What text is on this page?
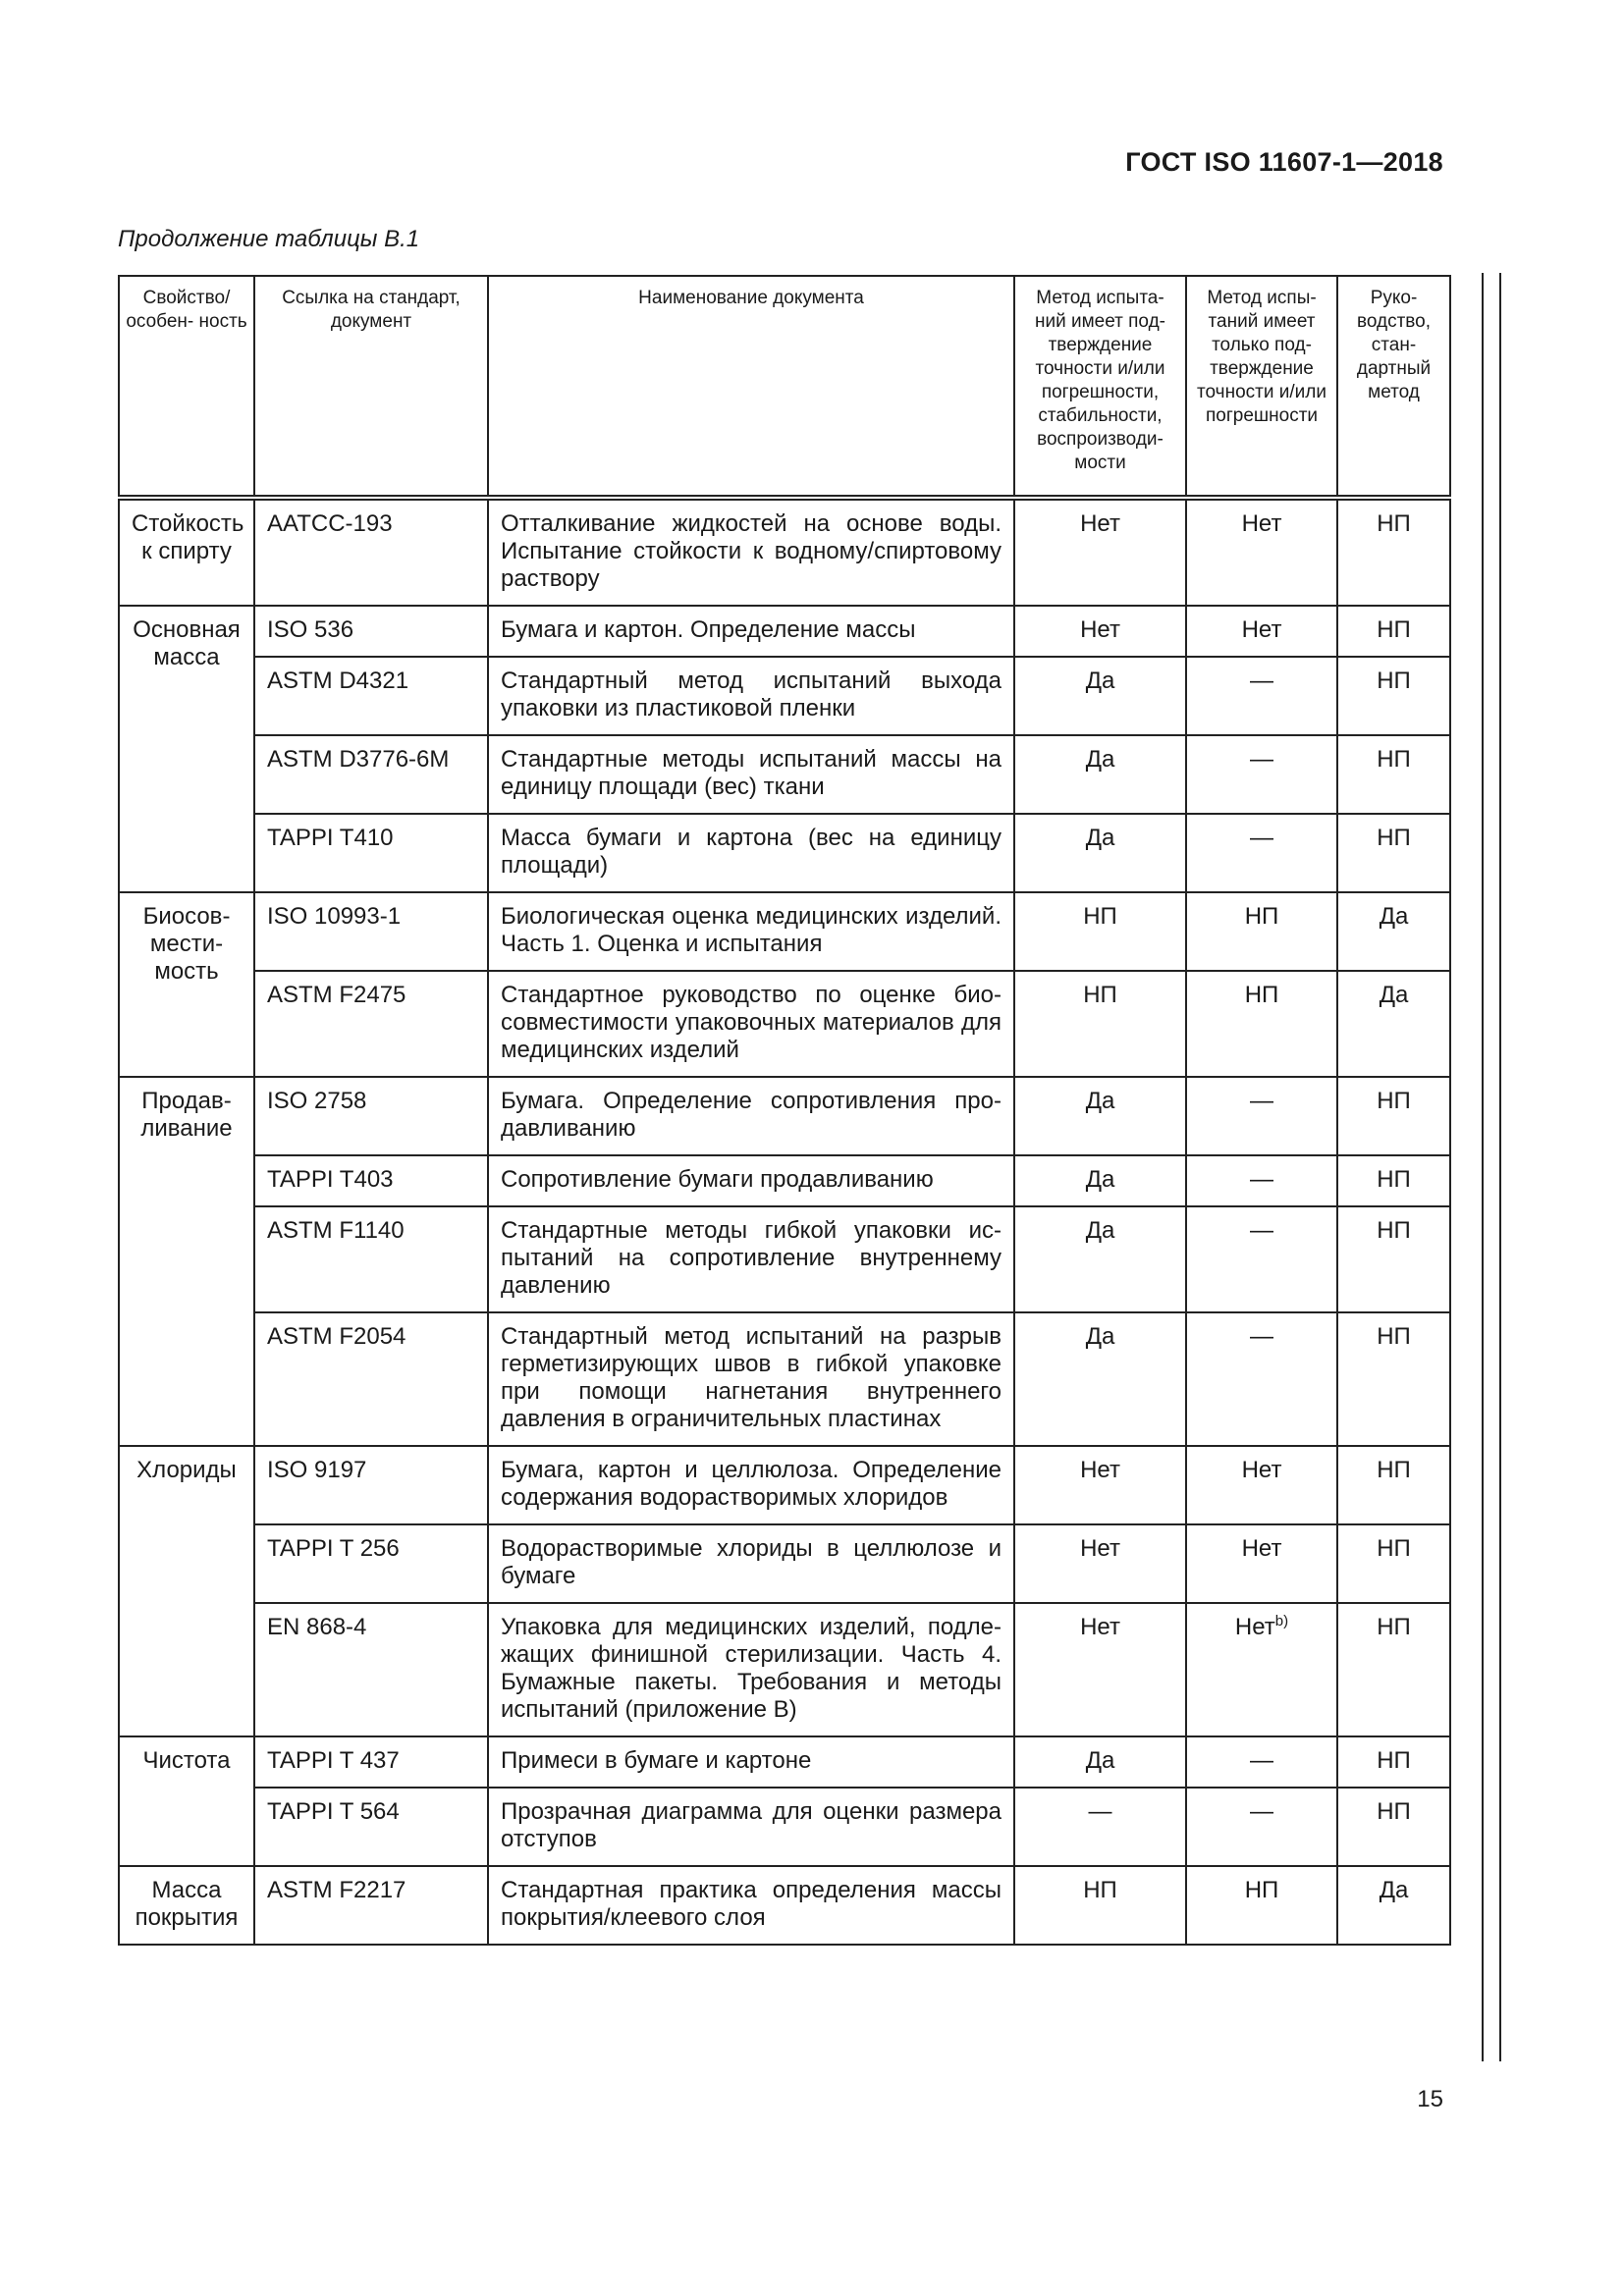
ГОСТ ISO 11607-1—2018
Продолжение таблицы В.1
Свойство/ особен- ность	Ссылка на стандарт, документ	Наименование документа	Метод испыта- ний имеет под- тверждение точности и/или погрешности, стабильности, воспроизводи- мости	Метод испы- таний имеет только под- тверждение точности и/или погрешности	Руко- водство, стан- дартный метод
Стойкость к спирту	AATCC-193	Отталкивание жидкостей на основе воды. Испытание стойкости к водному/спиртовому раствору	Нет	Нет	НП
Основная масса	ISO 536	Бумага и картон. Определение массы	Нет	Нет	НП
	ASTM D4321	Стандартный метод испытаний выхода упаковки из пластиковой пленки	Да	—	НП
	ASTM D3776-6M	Стандартные методы испытаний массы на единицу площади (вес) ткани	Да	—	НП
	TAPPI T410	Масса бумаги и картона (вес на единицу площади)	Да	—	НП
Биосовместимость	ISO 10993-1	Биологическая оценка медицинских изделий. Часть 1. Оценка и испытания	НП	НП	Да
	ASTM F2475	Стандартное руководство по оценке биосовместимости упаковочных материалов для медицинских изделий	НП	НП	Да
Продавливание	ISO 2758	Бумага. Определение сопротивления продавливанию	Да	—	НП
	TAPPI T403	Сопротивление бумаги продавливанию	Да	—	НП
	ASTM F1140	Стандартные методы гибкой упаковки испытаний на сопротивление внутреннему давлению	Да	—	НП
	ASTM F2054	Стандартный метод испытаний на разрыв герметизирующих швов в гибкой упаковке при помощи нагнетания внутреннего давления в ограничительных пластинах	Да	—	НП
Хлориды	ISO 9197	Бумага, картон и целлюлоза. Определение содержания водорастворимых хлоридов	Нет	Нет	НП
	TAPPI T 256	Водорастворимые хлориды в целлюлозе и бумаге	Нет	Нет	НП
	EN 868-4	Упаковка для медицинских изделий, подлежащих финишной стерилизации. Часть 4. Бумажные пакеты. Требования и методы испытаний (приложение B)	Нет	Нет$^{b)}$	НП
Чистота	TAPPI T 437	Примеси в бумаге и картоне	Да	—	НП
	TAPPI T 564	Прозрачная диаграмма для оценки размера отступов	—	—	НП
Масса покрытия	ASTM F2217	Стандартная практика определения массы покрытия/клеевого слоя	НП	НП	Да
15
